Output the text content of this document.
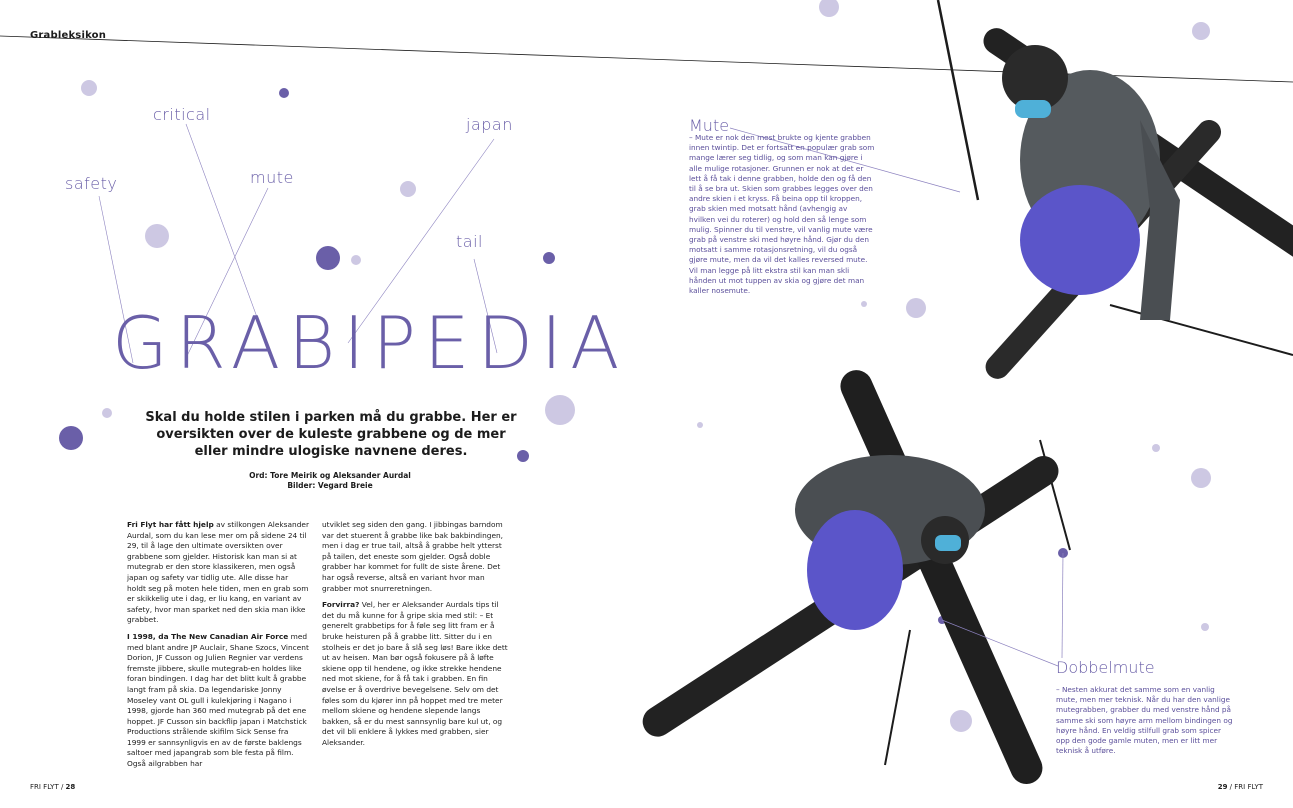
Grableksikon
critical
safety	mute
japan
tail
GRABIPEDIA
Skal du holde stilen i parken må du grabbe. Her er oversikten over de kuleste grabbene og de mer eller mindre ulogiske navnene deres.
Ord: Tore Meirik og Aleksander Aurdal
Bilder: Vegard Breie

Fri Flyt har fått hjelp av stilkongen Aleksander Aurdal, som du kan lese mer om på sidene 24 til 29, til å lage den ultimate oversikten over grabbene som gjelder. Historisk kan man si at mutegrab er den store klassikeren, men også japan og safety var tidlig ute. Alle disse har holdt seg på moten hele tiden, men en grab som er skikkelig ute i dag, er liu kang, en variant av safety, hvor man sparket ned den skia man ikke grabbet.

I 1998, da The New Canadian Air Force med med blant andre JP Auclair, Shane Szocs, Vincent Dorion, JF Cusson og Julien Regnier var verdens fremste jibbere, skulle mutegrab-en holdes like foran bindingen. I dag har det blitt kult å grabbe langt fram på skia. Da legendariske Jonny Moseley vant OL gull i kulekjøring i Nagano i 1998, gjorde han 360 med mutegrab på det ene hoppet. JF Cusson sin backflip japan i Matchstick Productions strålende skifilm Sick Sense fra 1999 er sannsynligvis en av de første baklengs saltoer med japangrab som ble festa på film. Også ailgrabben har

utviklet seg siden den gang. I jibbingas barndom var det stuerent å grabbe like bak bakbindingen, men i dag er true tail, altså å grabbe helt ytterst på tailen, det eneste som gjelder. Også doble grabber har kommet for fullt de siste årene. Det har også reverse, altså en variant hvor man grabber mot snurreretningen.

Forvirra? Vel, her er Aleksander Aurdals tips til det du må kunne for å gripe skia med stil: – Et generelt grabbetips for å føle seg litt fram er å bruke heisturen på å grabbe litt. Sitter du i en stolheis er det jo bare å slå seg løs! Bare ikke dett ut av heisen. Man bør også fokusere på å løfte skiene opp til hendene, og ikke strekke hendene ned mot skiene, for å få tak i grabben. En fin øvelse er å overdrive bevegelsene. Selv om det føles som du kjører inn på hoppet med tre meter mellom skiene og hendene slepende langs bakken, så er du mest sannsynlig bare kul ut, og det vil bli enklere å lykkes med grabben, sier Aleksander.

Mute
– Mute er nok den mest brukte og kjente grabben innen twintip. Det er fortsatt en populær grab som mange lærer seg tidlig, og som man kan gjøre i alle mulige rotasjoner. Grunnen er nok at det er lett å få tak i denne grabben, holde den og få den til å se bra ut. Skien som grabbes legges over den andre skien i et kryss. Få beina opp til kroppen, grab skien med motsatt hånd (avhengig av hvilken vei du roterer) og hold den så lenge som mulig. Spinner du til venstre, vil vanlig mute være grab på venstre ski med høyre hånd. Gjør du den motsatt i samme rotasjonsretning, vil du også gjøre mute, men da vil det kalles reversed mute. Vil man legge på litt ekstra stil kan man skli hånden ut mot tuppen av skia og gjøre det man kaller nosemute.
Dobbelmute
– Nesten akkurat det samme som en vanlig mute, men mer teknisk. Når du har den vanlige mutegrabben, grabber du med venstre hånd på samme ski som høyre arm mellom bindingen og høyre hånd. En veldig stilfull grab som spicer opp den gode gamle muten, men er litt mer teknisk å utføre.
FRI FLYT / 28	29 / FRI FLYT
